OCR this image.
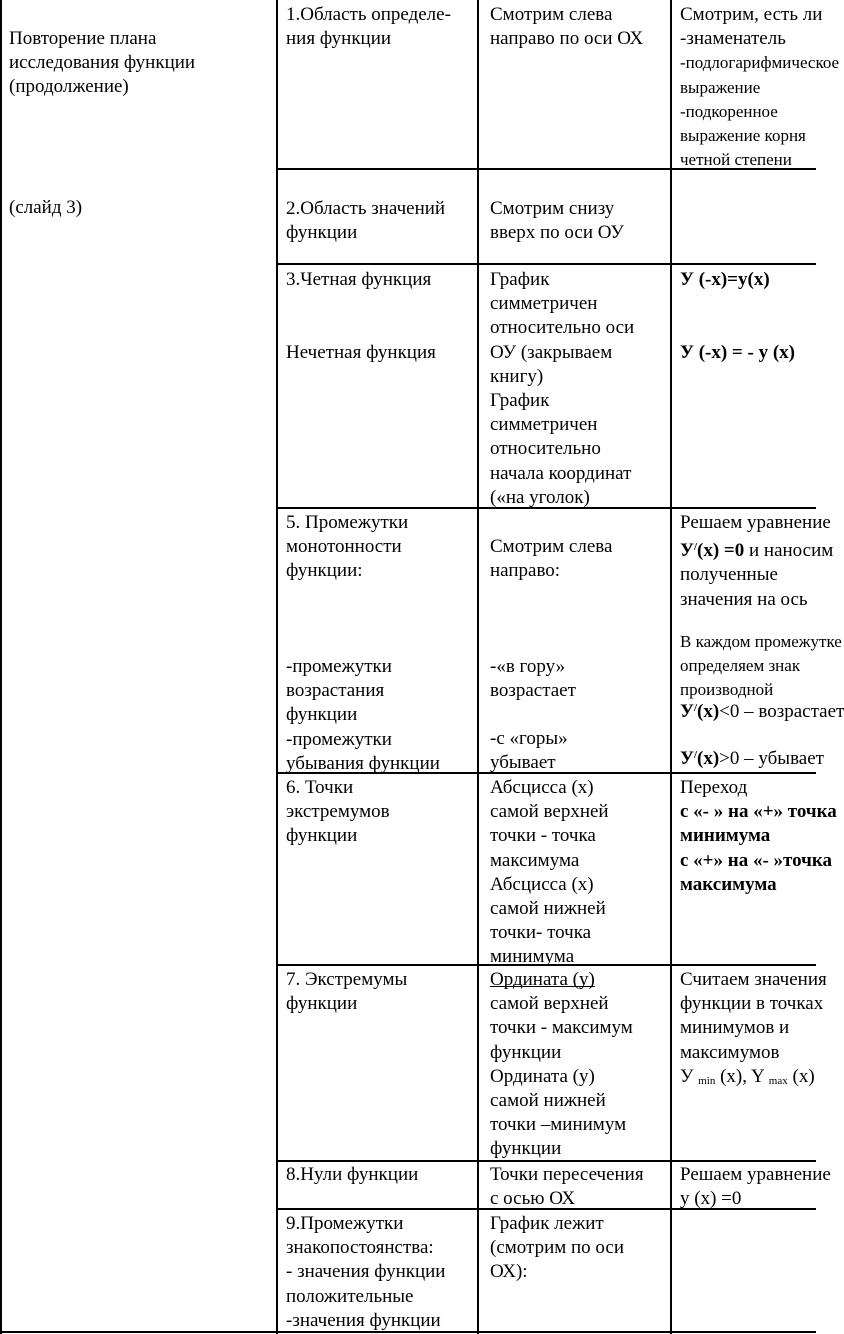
Повторение плана
исследования функции
(продолжение)
(слайд 3)
1.Область определе-
ния функции
Смотрим слева
направо по оси ОХ
Смотрим, есть ли
-знаменатель
-подлогарифмическое
выражение
-подкоренное
выражение корня
четной степени
2.Область значений
функции
Смотрим снизу
вверх по оси ОУ
3.Четная функция
Нечетная функция
График
симметричен
относительно оси
ОУ (закрываем
книгу)
График
симметричен
относительно
начала координат
(«на уголок)
У (-х)=у(х)
У (-х) = - у (х)
5. Промежутки
монотонности
функции:
-промежутки
возрастания
функции
-промежутки
убывания функции
Смотрим слева
направо:
-«в гору»
возрастает
-с «горы»
убывает
Решаем уравнение
У/(х) =0 и наносим
полученные
значения на ось
В каждом промежутке
определяем знак
производной
У/(х)<0 – возрастает
У/(х)>0 – убывает
6. Точки
экстремумов
функции
Абсцисса (х)
самой верхней
точки - точка
максимума
Абсцисса (х)
самой нижней
точки- точка
минимума
Переход
с «- » на «+» точка
минимума
с «+» на «- »точка
максимума
7. Экстремумы
функции
Ордината (у)
самой верхней
точки - максимум
функции
Ордината (у)
самой нижней
точки –минимум
функции
Считаем значения
функции в точках
минимумов и
максимумов
У $_{min}$ (х), Y $_{max}$ (х)
8.Нули функции	Точки пересечения
с осью ОХ
Решаем уравнение
у (х) =0
9.Промежутки
знакопостоянства:
- значения функции
положительные
-значения функции
График лежит
(смотрим по оси
ОХ):
